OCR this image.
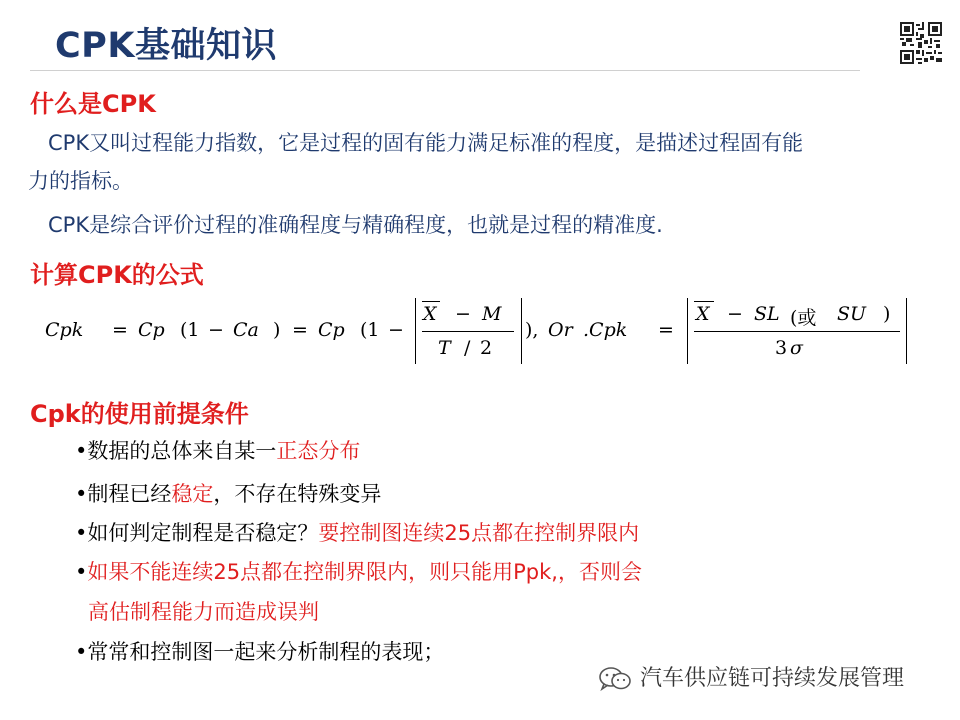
CPK基础知识
什么是CPK
CPK又叫过程能力指数，它是过程的固有能力满足标准的程度，是描述过程固有能
力的指标。
CPK是综合评价过程的准确程度与精确程度，也就是过程的精准度.
计算CPK的公式
Cpk = Cp (1 − Ca ) = Cp (1 −
X − M
T / 2
), Or .Cpk =
X − SL (或 SU )
3 σ
Cpk的使用前提条件
•数据的总体来自某一正态分布
•制程已经稳定，不存在特殊变异
•如何判定制程是否稳定？要控制图连续25点都在控制界限内
•如果不能连续25点都在控制界限内，则只能用Ppk,，否则会
高估制程能力而造成误判
•常常和控制图一起来分析制程的表现；
汽车供应链可持续发展管理
